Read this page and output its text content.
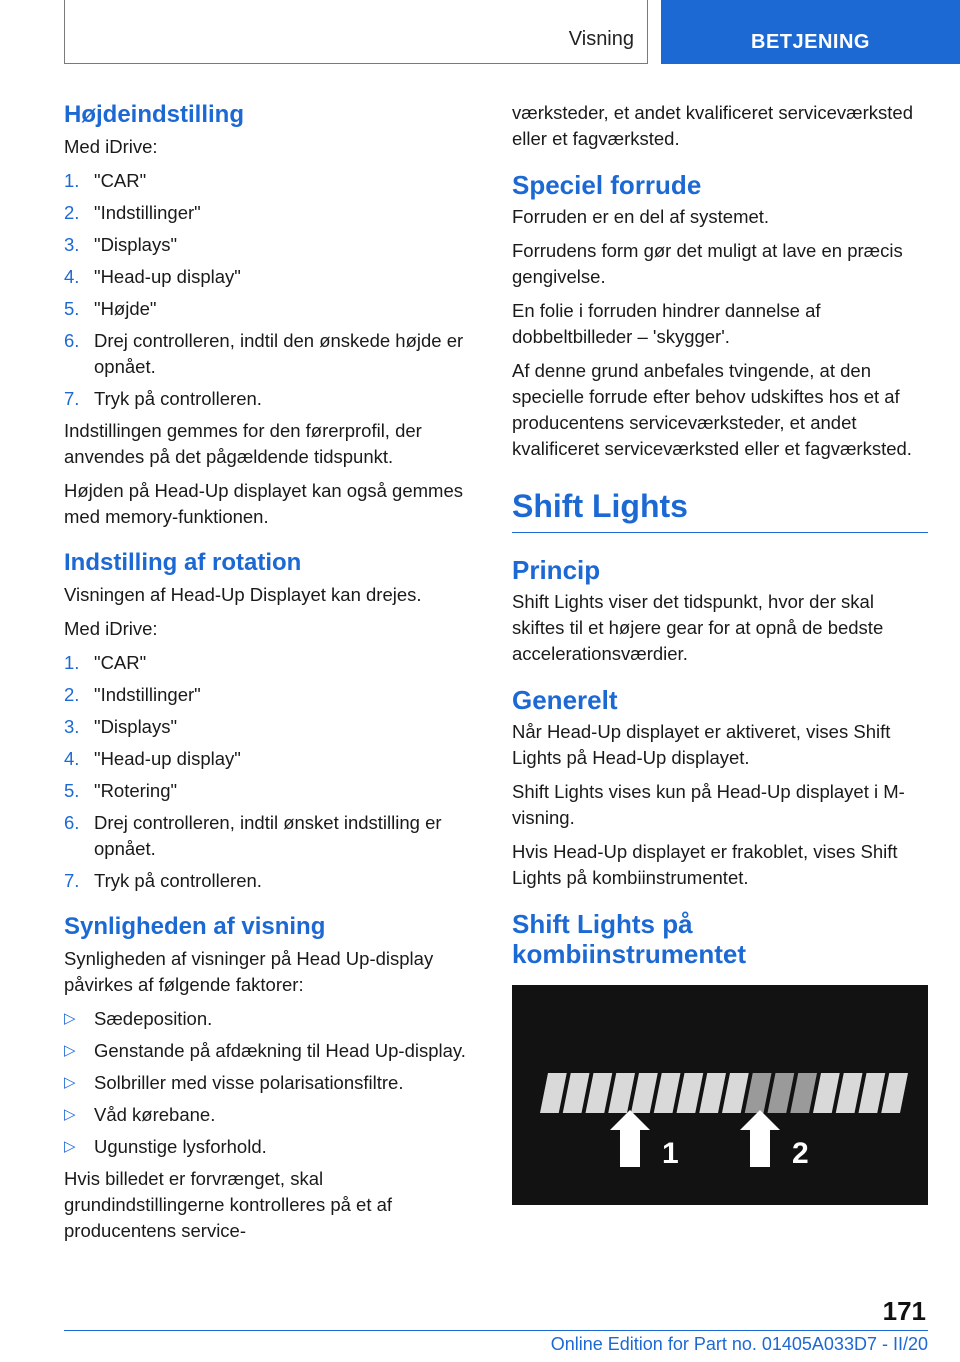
Visning	BETJENING
Højdeindstilling

Med iDrive:

1. "CAR"
2. "Indstillinger"
3. "Displays"
4. "Head-up display"
5. "Højde"
6. Drej controlleren, indtil den ønskede højde er opnået.
7. Tryk på controlleren.

Indstillingen gemmes for den førerprofil, der anvendes på det pågældende tidspunkt.

Højden på Head-Up displayet kan også gemmes med memory-funktionen.

Indstilling af rotation

Visningen af Head-Up Displayet kan drejes.

Med iDrive:

1. "CAR"
2. "Indstillinger"
3. "Displays"
4. "Head-up display"
5. "Rotering"
6. Drej controlleren, indtil ønsket indstilling er opnået.
7. Tryk på controlleren.
Synligheden af visning

Synligheden af visninger på Head Up-display påvirkes af følgende faktorer:

▷ Sædeposition.
▷ Genstande på afdækning til Head Up-display.
▷ Solbriller med visse polarisationsfiltre.
▷ Våd kørebane.
▷ Ugunstige lysforhold.

Hvis billedet er forvrænget, skal grundindstillingerne kontrolleres på et af producentens service-

værksteder, et andet kvalificeret serviceværksted eller et fagværksted.

Speciel forrude

Forruden er en del af systemet.

Forrudens form gør det muligt at lave en præcis gengivelse.

En folie i forruden hindrer dannelse af dobbeltbilleder – 'skygger'.

Af denne grund anbefales tvingende, at den specielle forrude efter behov udskiftes hos et af producentens serviceværksteder, et andet kvalificeret serviceværksted eller et fagværksted.

Shift Lights
Princip

Shift Lights viser det tidspunkt, hvor der skal skiftes til et højere gear for at opnå de bedste accelerationsværdier.

Generelt

Når Head-Up displayet er aktiveret, vises Shift Lights på Head-Up displayet.

Shift Lights vises kun på Head-Up displayet i M-visning.

Hvis Head-Up displayet er frakoblet, vises Shift Lights på kombiinstrumentet.

Shift Lights på kombiinstrumentet
1	2
171
Online Edition for Part no. 01405A033D7 - II/20
